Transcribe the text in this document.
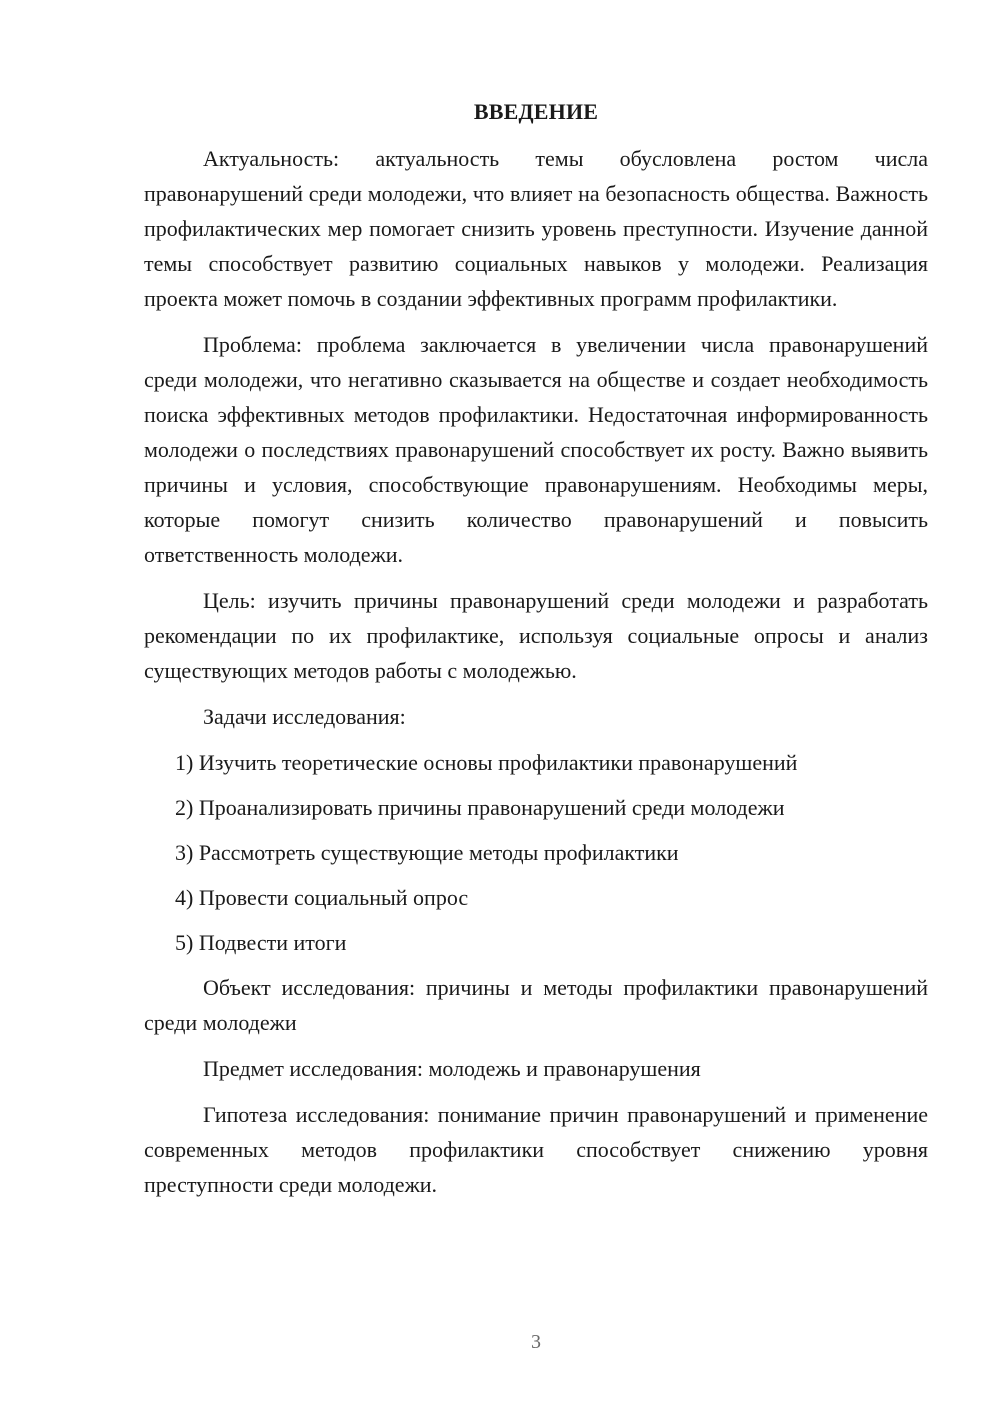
ВВЕДЕНИЕ

Актуальность: актуальность темы обусловлена ростом числа правонарушений среди молодежи, что влияет на безопасность общества. Важность профилактических мер помогает снизить уровень преступности. Изучение данной темы способствует развитию социальных навыков у молодежи. Реализация проекта может помочь в создании эффективных программ профилактики.

Проблема: проблема заключается в увеличении числа правонарушений среди молодежи, что негативно сказывается на обществе и создает необходимость поиска эффективных методов профилактики. Недостаточная информированность молодежи о последствиях правонарушений способствует их росту. Важно выявить причины и условия, способствующие правонарушениям. Необходимы меры, которые помогут снизить количество правонарушений и повысить ответственность молодежи.

Цель: изучить причины правонарушений среди молодежи и разработать рекомендации по их профилактике, используя социальные опросы и анализ существующих методов работы с молодежью.

Задачи исследования:

1) Изучить теоретические основы профилактики правонарушений
2) Проанализировать причины правонарушений среди молодежи
3) Рассмотреть существующие методы профилактики
4) Провести социальный опрос
5) Подвести итоги

Объект исследования: причины и методы профилактики правонарушений среди молодежи

Предмет исследования: молодежь и правонарушения

Гипотеза исследования: понимание причин правонарушений и применение современных методов профилактики способствует снижению уровня преступности среди молодежи.

3
